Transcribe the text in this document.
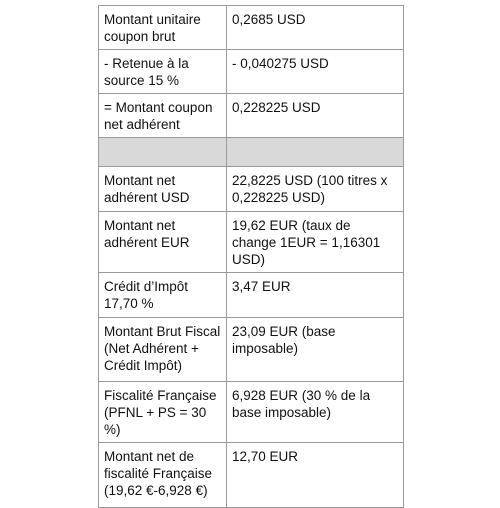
Montant unitaire coupon brut	0,2685 USD

- Retenue à la source 15 %	- 0,040275 USD

= Montant coupon net adhérent	0,228225 USD

Montant net adhérent USD	22,8225 USD (100 titres x 0,228225 USD)

Montant net adhérent EUR	19,62 EUR (taux de change 1EUR = 1,16301 USD)

Crédit d’Impôt 17,70 %	3,47 EUR

Montant Brut Fiscal (Net Adhérent + Crédit Impôt)	23,09 EUR (base imposable)

Fiscalité Française (PFNL + PS = 30 %)	6,928 EUR (30 % de la base imposable)

Montant net de fiscalité Française (19,62 €-6,928 €)	12,70 EUR
